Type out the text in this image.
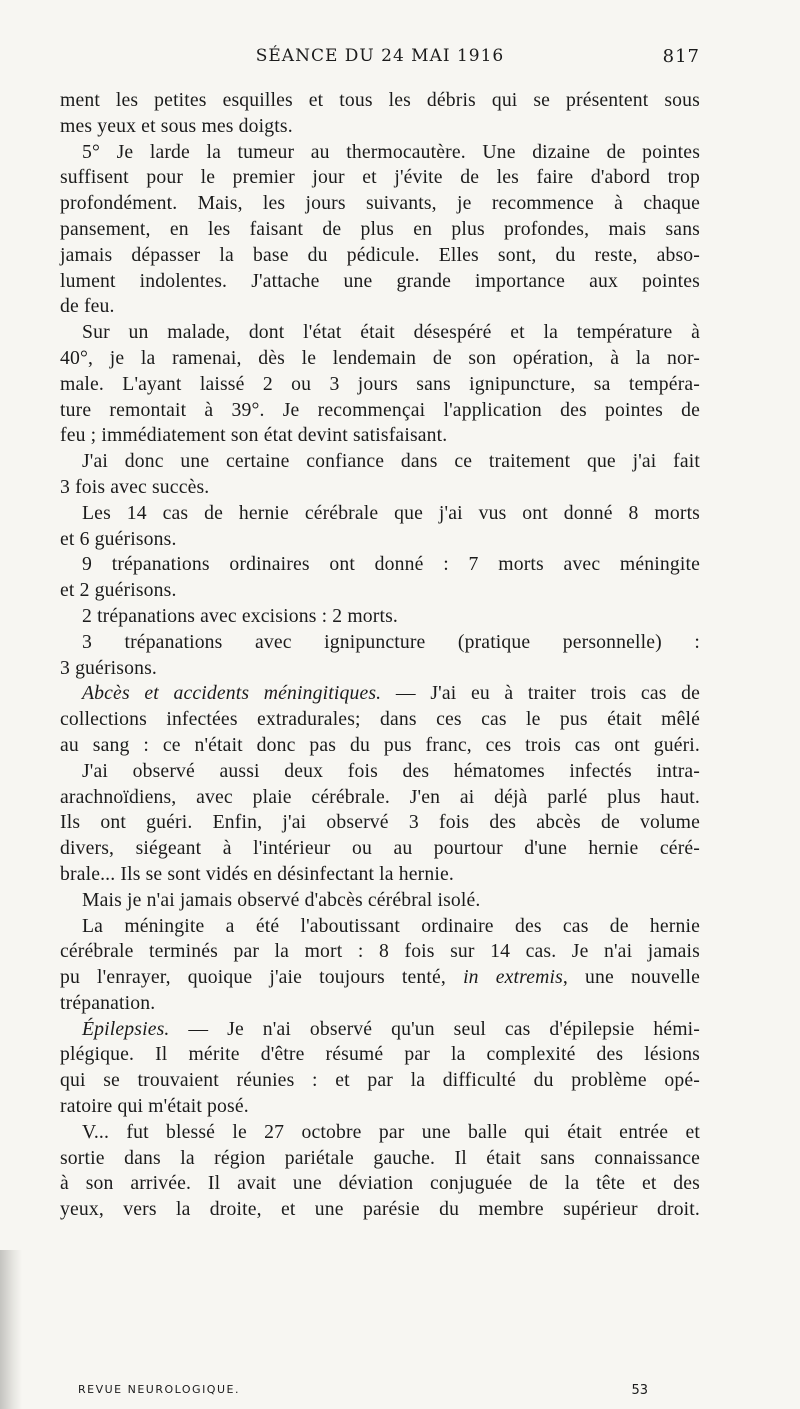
SÉANCE DU 24 MAI 1916	817
ment les petites esquilles et tous les débris qui se présentent sous
mes yeux et sous mes doigts.
5° Je larde la tumeur au thermocautère. Une dizaine de pointes
suffisent pour le premier jour et j'évite de les faire d'abord trop
profondément. Mais, les jours suivants, je recommence à chaque
pansement, en les faisant de plus en plus profondes, mais sans
jamais dépasser la base du pédicule. Elles sont, du reste, abso-
lument indolentes. J'attache une grande importance aux pointes
de feu.
Sur un malade, dont l'état était désespéré et la température à
40°, je la ramenai, dès le lendemain de son opération, à la nor-
male. L'ayant laissé 2 ou 3 jours sans ignipuncture, sa tempéra-
ture remontait à 39°. Je recommençai l'application des pointes de
feu ; immédiatement son état devint satisfaisant.
J'ai donc une certaine confiance dans ce traitement que j'ai fait
3 fois avec succès.
Les 14 cas de hernie cérébrale que j'ai vus ont donné 8 morts
et 6 guérisons.
9 trépanations ordinaires ont donné : 7 morts avec méningite
et 2 guérisons.
2 trépanations avec excisions : 2 morts.
3 trépanations avec ignipuncture (pratique personnelle) :
3 guérisons.
Abcès et accidents méningitiques. — J'ai eu à traiter trois cas de
collections infectées extradurales; dans ces cas le pus était mêlé
au sang : ce n'était donc pas du pus franc, ces trois cas ont guéri.
J'ai observé aussi deux fois des hématomes infectés intra-
arachnoïdiens, avec plaie cérébrale. J'en ai déjà parlé plus haut.
Ils ont guéri. Enfin, j'ai observé 3 fois des abcès de volume
divers, siégeant à l'intérieur ou au pourtour d'une hernie céré-
brale... Ils se sont vidés en désinfectant la hernie.
Mais je n'ai jamais observé d'abcès cérébral isolé.
La méningite a été l'aboutissant ordinaire des cas de hernie
cérébrale terminés par la mort : 8 fois sur 14 cas. Je n'ai jamais
pu l'enrayer, quoique j'aie toujours tenté, in extremis, une nouvelle
trépanation.
Épilepsies. — Je n'ai observé qu'un seul cas d'épilepsie hémi-
plégique. Il mérite d'être résumé par la complexité des lésions
qui se trouvaient réunies : et par la difficulté du problème opé-
ratoire qui m'était posé.
V... fut blessé le 27 octobre par une balle qui était entrée et
sortie dans la région pariétale gauche. Il était sans connaissance
à son arrivée. Il avait une déviation conjuguée de la tête et des
yeux, vers la droite, et une parésie du membre supérieur droit.
REVUE NEUROLOGIQUE.	53
